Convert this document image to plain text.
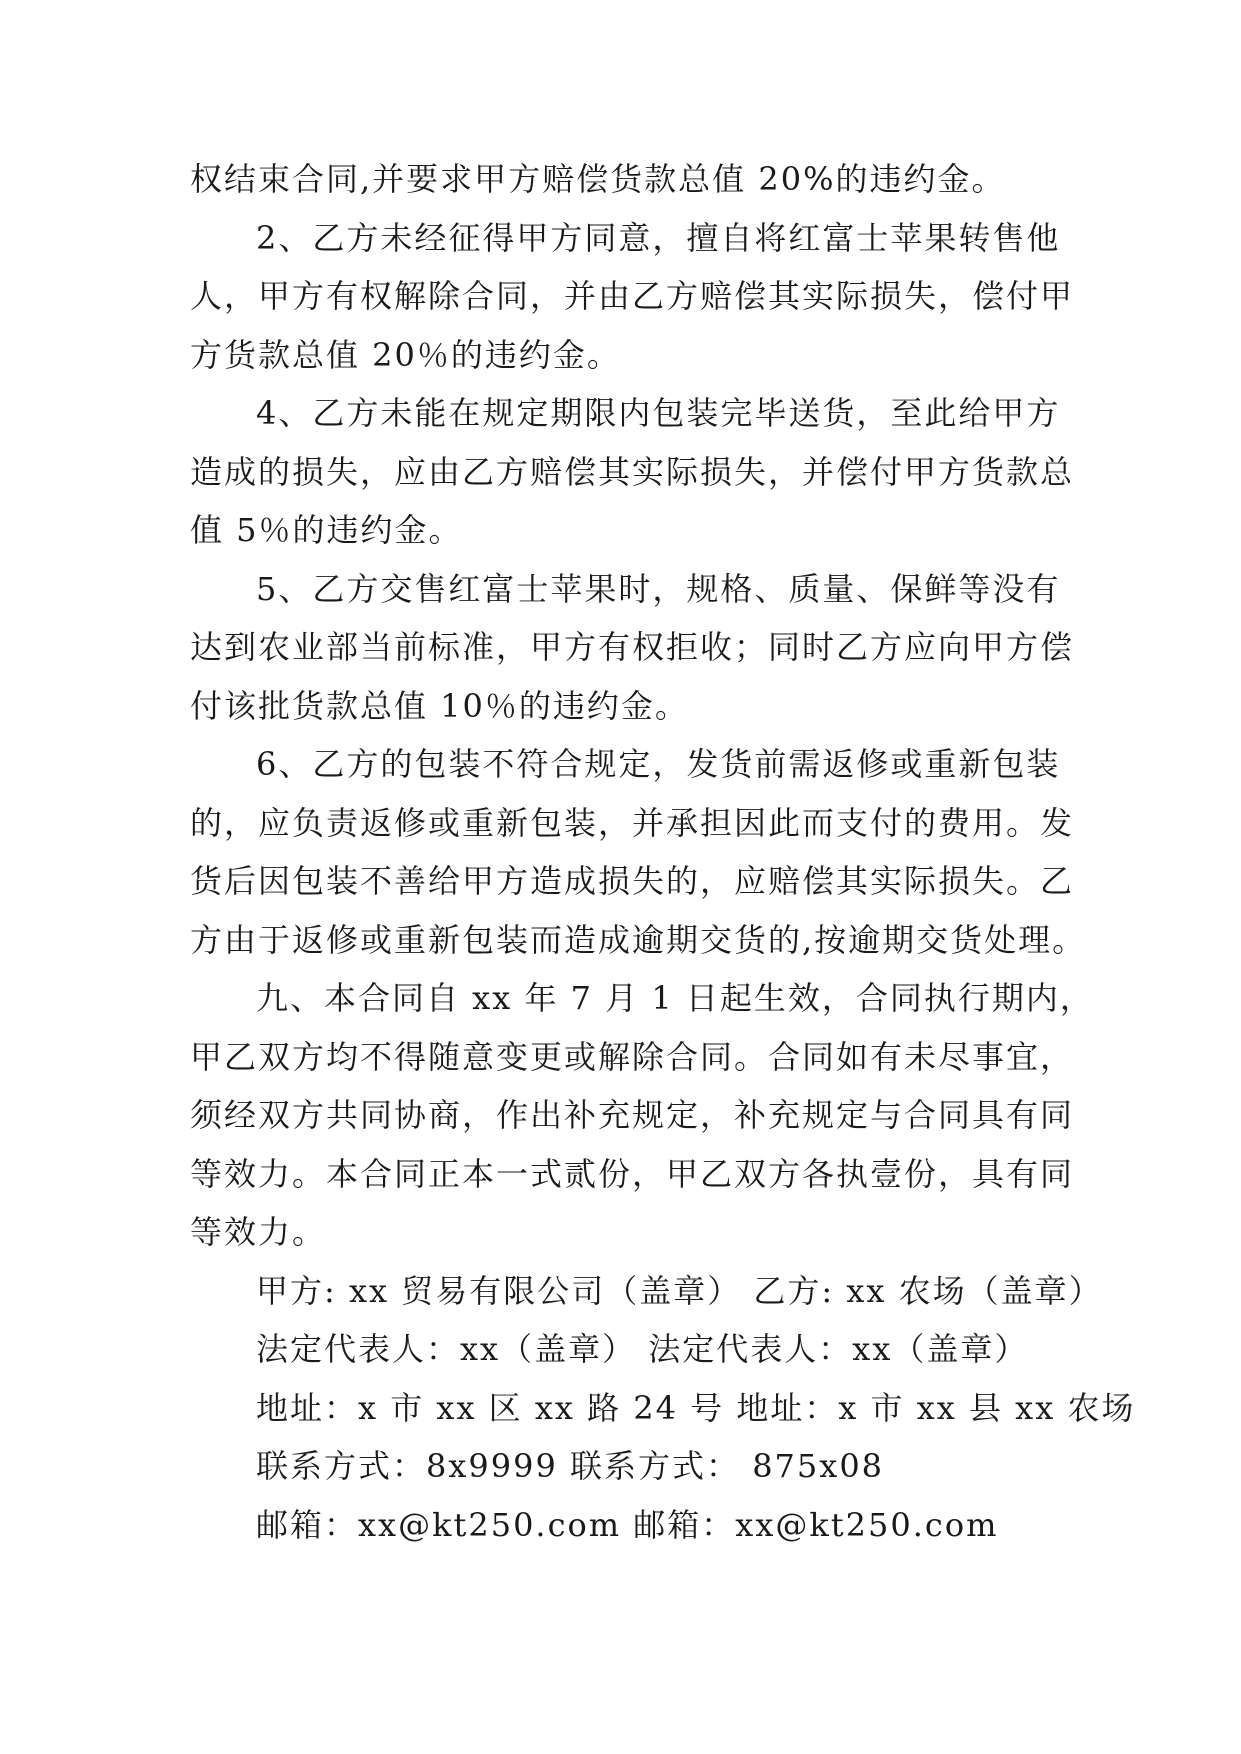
权结束合同,并要求甲方赔偿货款总值 20%的违约金。

2、乙方未经征得甲方同意，擅自将红富士苹果转售他

人，甲方有权解除合同，并由乙方赔偿其实际损失，偿付甲

方货款总值 20％的违约金。

4、乙方未能在规定期限内包装完毕送货，至此给甲方

造成的损失，应由乙方赔偿其实际损失，并偿付甲方货款总

值 5％的违约金。

5、乙方交售红富士苹果时，规格、质量、保鲜等没有

达到农业部当前标准，甲方有权拒收；同时乙方应向甲方偿

付该批货款总值 10％的违约金。

6、乙方的包装不符合规定，发货前需返修或重新包装

的，应负责返修或重新包装，并承担因此而支付的费用。发

货后因包装不善给甲方造成损失的，应赔偿其实际损失。乙

方由于返修或重新包装而造成逾期交货的,按逾期交货处理。

九、本合同自 xx 年 7 月 1 日起生效，合同执行期内，

甲乙双方均不得随意变更或解除合同。合同如有未尽事宜，

须经双方共同协商，作出补充规定，补充规定与合同具有同

等效力。本合同正本一式贰份，甲乙双方各执壹份，具有同

等效力。

甲方: xx 贸易有限公司（盖章） 乙方: xx 农场（盖章）

法定代表人：xx（盖章） 法定代表人：xx（盖章）

地址：x 市 xx 区 xx 路 24 号 地址：x 市 xx 县 xx 农场

联系方式：8x9999 联系方式： 875x08

邮箱：xx@kt250.com 邮箱：xx@kt250.com
